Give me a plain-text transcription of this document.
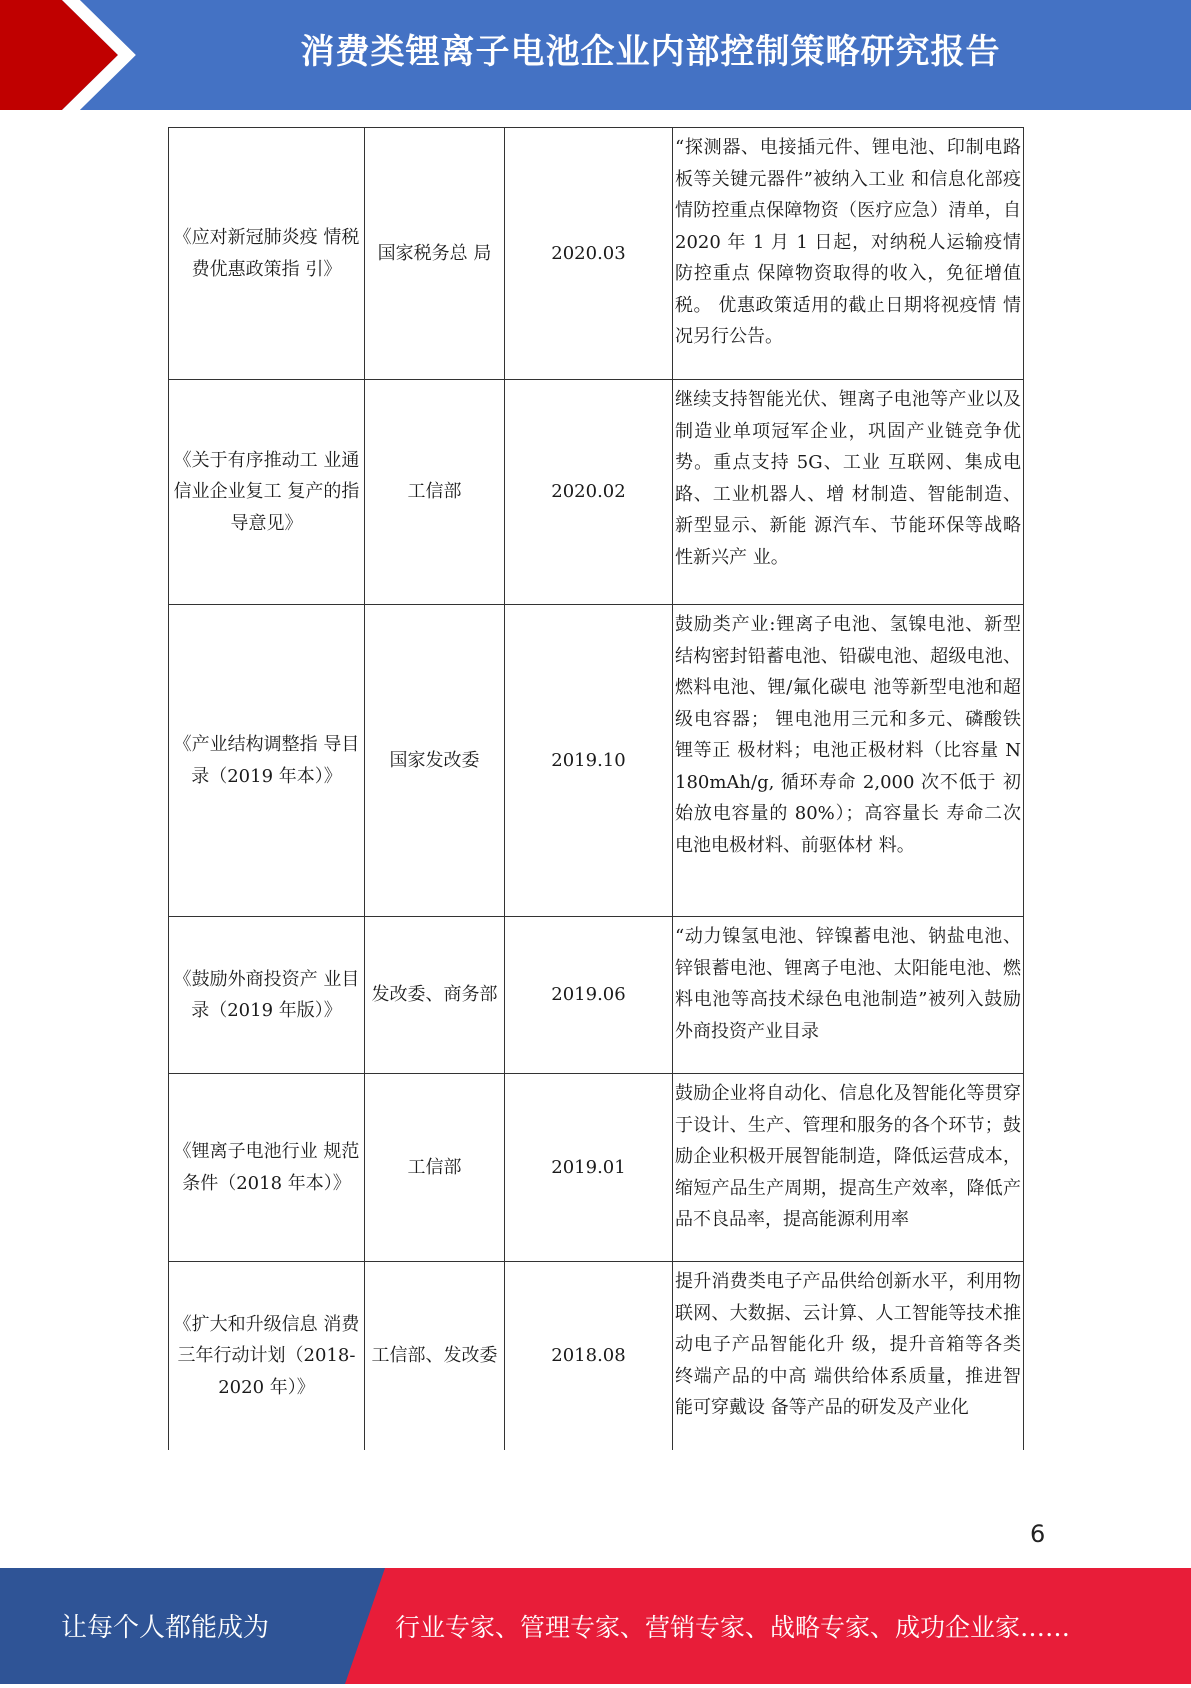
消费类锂离子电池企业内部控制策略研究报告
《应对新冠肺炎疫 情税费优惠政策指 引》	国家税务总 局	2020.03	“探测器、电接插元件、锂电池、印制电路板等关键元器件”被纳入工业 和信息化部疫情防控重点保障物资（医疗应急）清单，自 2020 年 1 月 1 日起，对纳税人运输疫情防控重点 保障物资取得的收入，免征增值税。 优惠政策适用的截止日期将视疫情 情况另行公告。
《关于有序推动工 业通信业企业复工 复产的指导意见》	工信部	2020.02	继续支持智能光伏、锂离子电池等产业以及制造业单项冠军企业，巩固产业链竞争优势。重点支持 5G、工业 互联网、集成电路、工业机器人、增 材制造、智能制造、新型显示、新能 源汽车、节能环保等战略性新兴产 业。
《产业结构调整指 导目录（2019 年本）》	国家发改委	2019.10	鼓励类产业:锂离子电池、氢镍电池、新型结构密封铅蓄电池、铅碳电池、超级电池、燃料电池、锂/氟化碳电 池等新型电池和超级电容器； 锂电池用三元和多元、磷酸铁锂等正 极材料；电池正极材料（比容量 N 180mAh/g, 循环寿命 2,000 次不低于 初始放电容量的 80%）；高容量长 寿命二次电池电极材料、前驱体材 料。
《鼓励外商投资产 业目录（2019 年版）》	发改委、商务部	2019.06	“动力镍氢电池、锌镍蓄电池、钠盐电池、锌银蓄电池、锂离子电池、太阳能电池、燃料电池等高技术绿色电池制造”被列入鼓励外商投资产业目录
《锂离子电池行业 规范条件（2018 年本）》	工信部	2019.01	鼓励企业将自动化、信息化及智能化等贯穿于设计、生产、管理和服务的各个环节；鼓励企业积极开展智能制造，降低运营成本，缩短产品生产周期，提高生产效率，降低产品不良品率，提高能源利用率
《扩大和升级信息 消费三年行动计划（2018-2020 年）》	工信部、发改委	2018.08	提升消费类电子产品供给创新水平，利用物联网、大数据、云计算、人工智能等技术推动电子产品智能化升 级，提升音箱等各类终端产品的中高 端供给体系质量，推进智能可穿戴设 备等产品的研发及产业化
6
让每个人都能成为	行业专家、管理专家、营销专家、战略专家、成功企业家……
